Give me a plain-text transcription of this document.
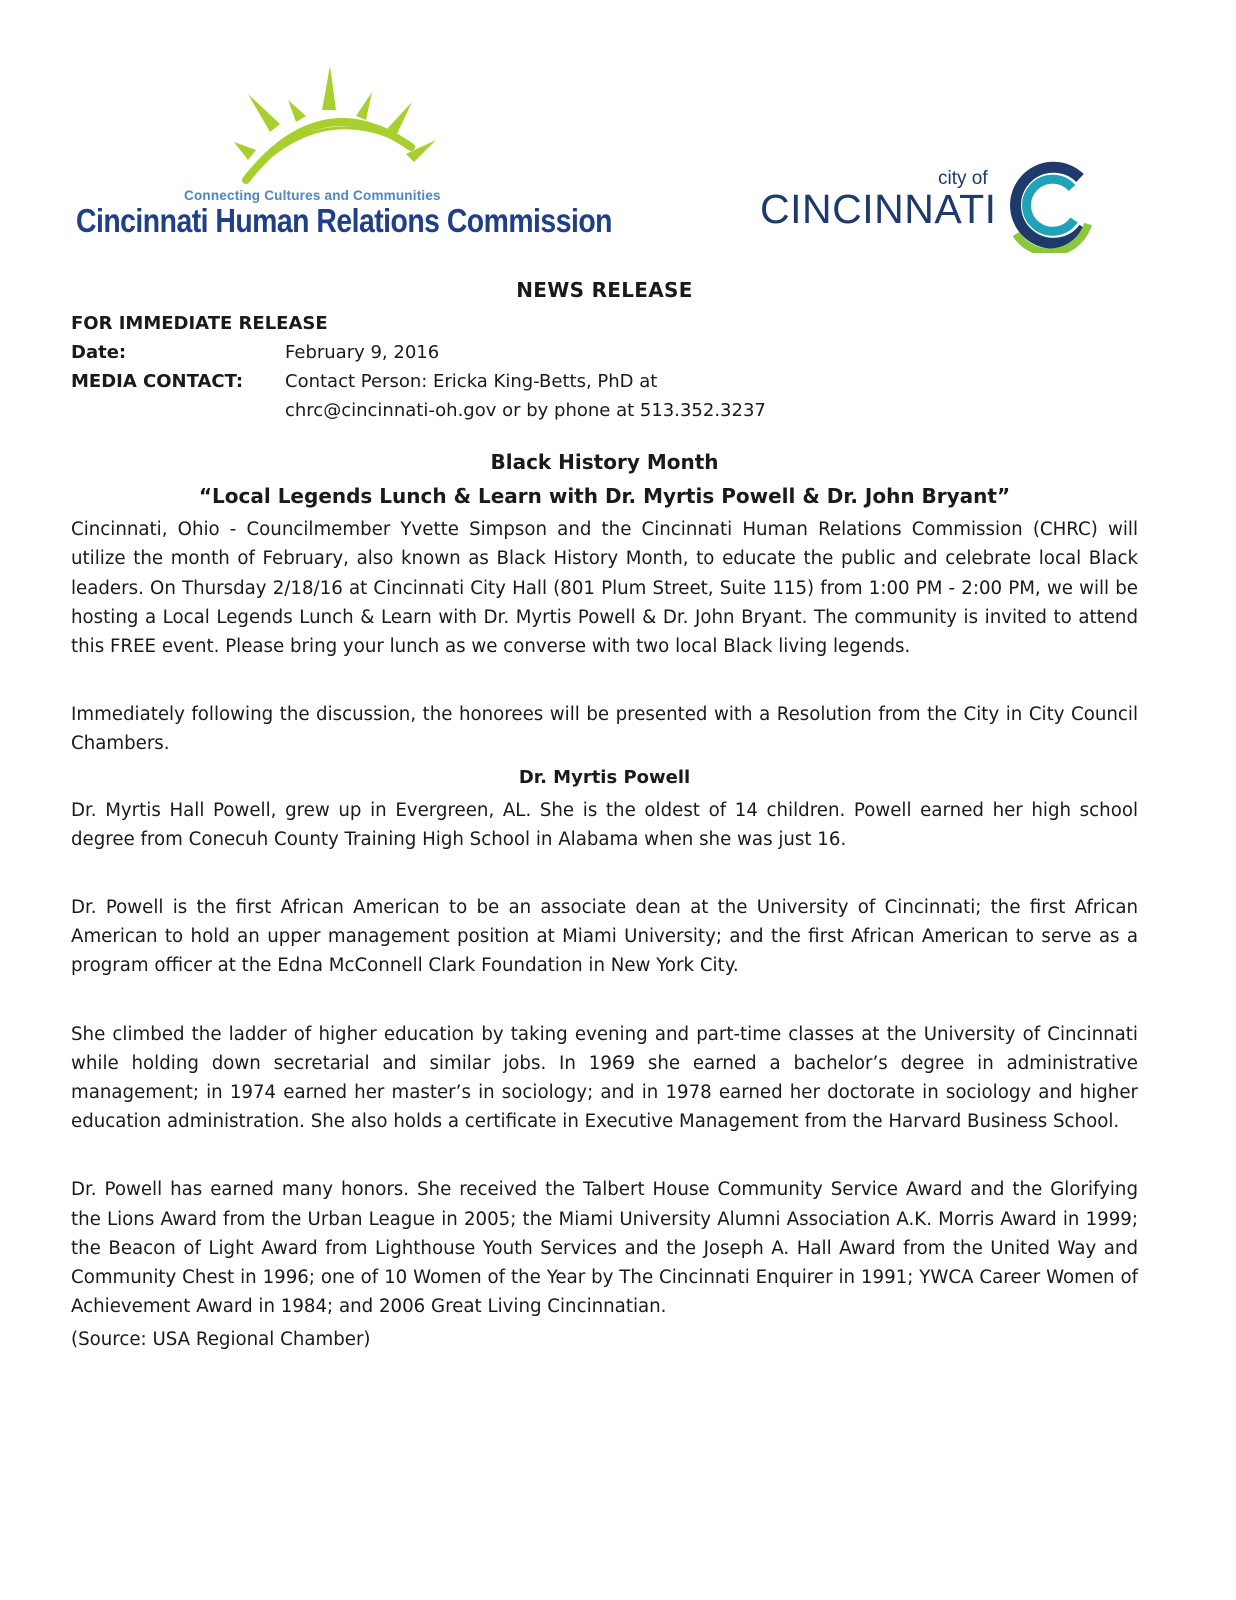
Connecting Cultures and Communities
Cincinnati Human Relations Commission
city of
CINCINNATI
NEWS RELEASE
FOR IMMEDIATE RELEASE
Date:	February 9, 2016
MEDIA CONTACT:	Contact Person: Ericka King-Betts, PhD at
chrc@cincinnati-oh.gov or by phone at 513.352.3237
Black History Month
“Local Legends Lunch & Learn with Dr. Myrtis Powell & Dr. John Bryant”

Cincinnati, Ohio - Councilmember Yvette Simpson and the Cincinnati Human Relations Commission (CHRC) will utilize the month of February, also known as Black History Month, to educate the public and celebrate local Black leaders. On Thursday 2/18/16 at Cincinnati City Hall (801 Plum Street, Suite 115) from 1:00 PM - 2:00 PM, we will be hosting a Local Legends Lunch & Learn with Dr. Myrtis Powell & Dr. John Bryant. The community is invited to attend this FREE event. Please bring your lunch as we converse with two local Black living legends.

Immediately following the discussion, the honorees will be presented with a Resolution from the City in City Council Chambers.

Dr. Myrtis Powell

Dr. Myrtis Hall Powell, grew up in Evergreen, AL. She is the oldest of 14 children. Powell earned her high school degree from Conecuh County Training High School in Alabama when she was just 16.

Dr. Powell is the first African American to be an associate dean at the University of Cincinnati; the first African American to hold an upper management position at Miami University; and the first African American to serve as a program officer at the Edna McConnell Clark Foundation in New York City.

She climbed the ladder of higher education by taking evening and part-time classes at the University of Cincinnati while holding down secretarial and similar jobs. In 1969 she earned a bachelor’s degree in administrative management; in 1974 earned her master’s in sociology; and in 1978 earned her doctorate in sociology and higher education administration. She also holds a certificate in Executive Management from the Harvard Business School.

Dr. Powell has earned many honors. She received the Talbert House Community Service Award and the Glorifying the Lions Award from the Urban League in 2005; the Miami University Alumni Association A.K. Morris Award in 1999; the Beacon of Light Award from Lighthouse Youth Services and the Joseph A. Hall Award from the United Way and Community Chest in 1996; one of 10 Women of the Year by The Cincinnati Enquirer in 1991; YWCA Career Women of Achievement Award in 1984; and 2006 Great Living Cincinnatian.

(Source: USA Regional Chamber)
